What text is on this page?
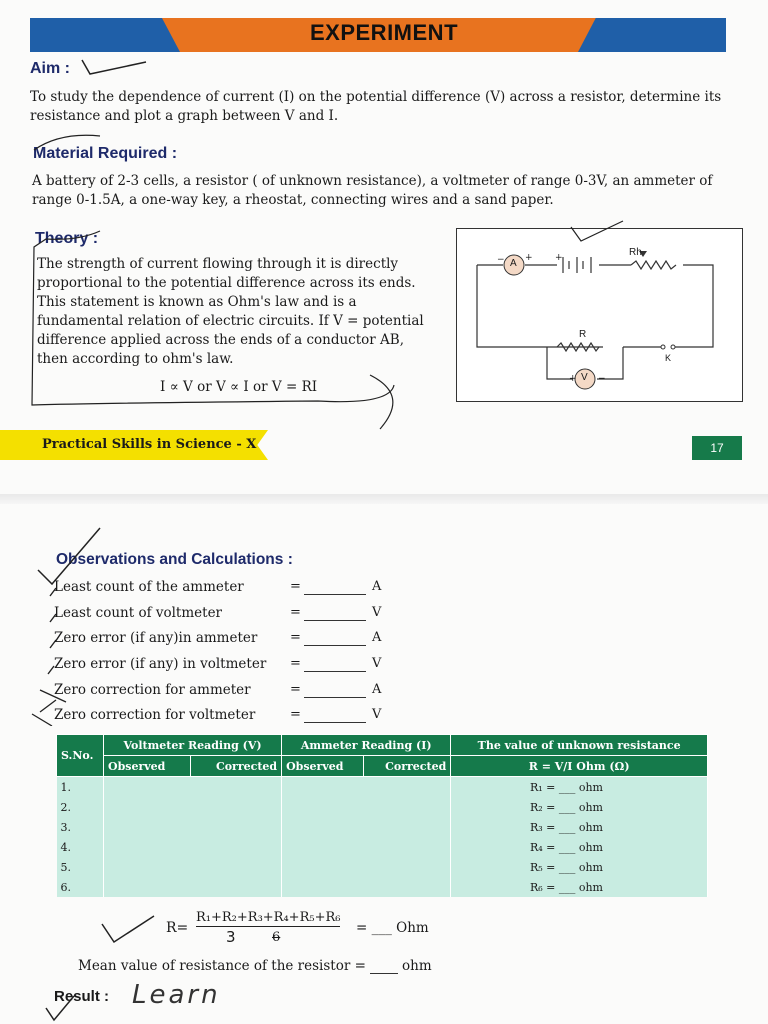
EXPERIMENT
Aim :
To study the dependence of current (I) on the potential difference (V) across a resistor, determine its resistance and plot a graph between V and I.
Material Required :
A battery of 2-3 cells, a resistor ( of unknown resistance), a voltmeter of range 0-3V, an ammeter of range 0-1.5A, a one-way key, a rheostat, connecting wires and a sand paper.
Theory :
The strength of current flowing through it is directly
proportional to the potential difference across its ends.
This statement is known as Ohm's law and is a
fundamental relation of electric circuits. If V = potential
difference applied across the ends of a conductor AB,
then according to ohm's law.
I ∝ V or V ∝ I or V = RI
A
V
Rh
R
K
+
−	+
+ −
Practical Skills in Science - X	17
Observations and Calculations :
Least count of the ammeter	=	A
Least count of voltmeter	=	V
Zero error (if any)in ammeter	=	A
Zero error (if any) in voltmeter =	V
Zero correction for ammeter	=	A
Zero correction for voltmeter	=	V
S.No.	Voltmeter Reading (V)		Ammeter Reading (I)		The value of unknown resistance

	Observed	Corrected	Observed	Corrected	R = V/I Ohm (Ω)
1.					R₁ = ___ ohm
2.					R₂ = ___ ohm
3.					R₃ = ___ ohm
4.					R₄ = ___ ohm
5.					R₅ = ___ ohm
6.					R₆ = ___ ohm
R=
R₁+R₂+R₃+R₄+R₅+R₆
3	6
= ___ Ohm
Mean value of resistance of the resistor =	ohm
Result : Learn
